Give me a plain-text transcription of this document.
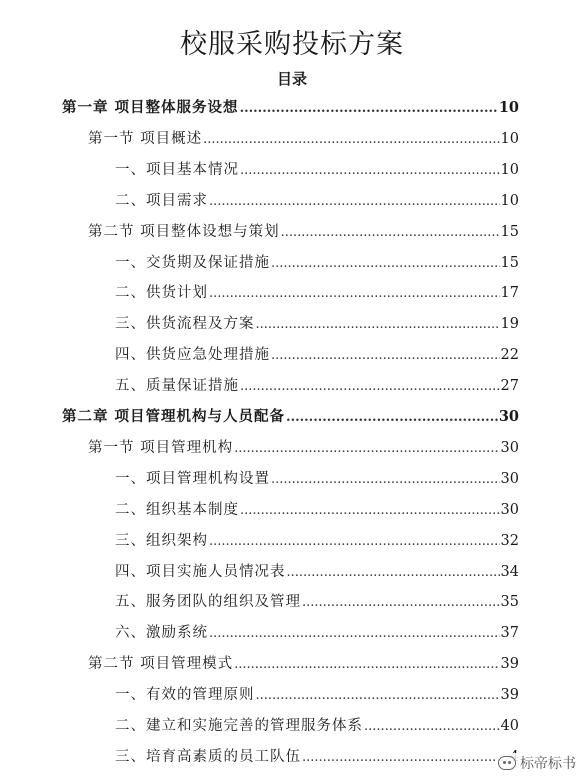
校服采购投标方案
目录
第一章 项目整体服务设想 .....	10
第一节 项目概述 .....	10
一、项目基本情况 .....	10
二、项目需求 .....	10
第二节 项目整体设想与策划 .....	15
一、交货期及保证措施 .....	15
二、供货计划 .....	17
三、供货流程及方案 .....	19
四、供货应急处理措施 .....	22
五、质量保证措施 .....	27
第二章 项目管理机构与人员配备 .....	30
第一节 项目管理机构 .....	30
一、项目管理机构设置 .....	30
二、组织基本制度 .....	30
三、组织架构 .....	32
四、项目实施人员情况表 .....	34
五、服务团队的组织及管理 .....	35
六、激励系统 .....	37
第二节 项目管理模式 .....	39
一、有效的管理原则 .....	39
二、建立和实施完善的管理服务体系 .....	40
三、培育高素质的员工队伍 .....	标帝标书
